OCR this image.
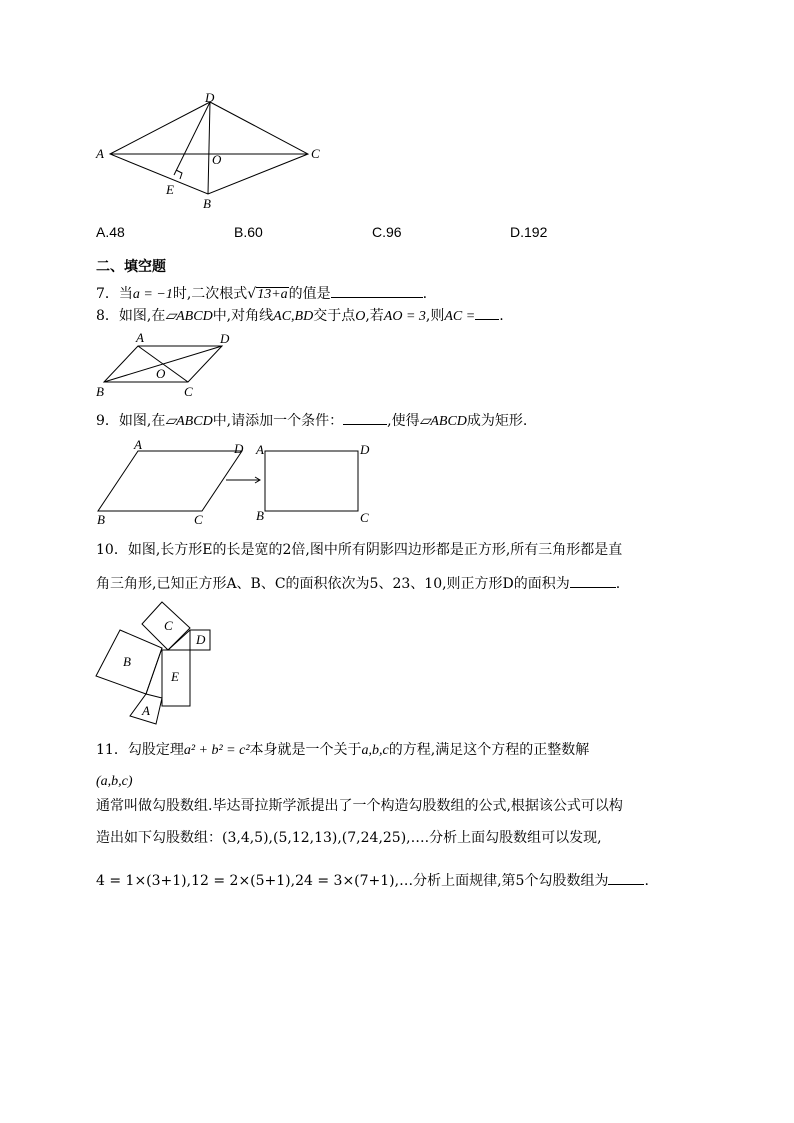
D
A	O	C
E
B
A.48	B.60	C.96	D.192
二、填空题
7．当a = −1时,二次根式√13+a的值是	.
8．如图,在▱ABCD中,对角线AC,BD交于点O,若AO = 3,则AC = .
A	D
O
B	C
9．如图,在▱ABCD中,请添加一个条件：	,使得▱ABCD成为矩形.
A	D
B	C
A	D
B	C
10．如图,长方形E的长是宽的2倍,图中所有阴影四边形都是正方形,所有三角形都是直
角三角形,已知正方形A、B、C的面积依次为5、23、10,则正方形D的面积为	.
B
C
D
E
A
11．勾股定理a² + b² = c²本身就是一个关于a,b,c的方程,满足这个方程的正整数解
(a,b,c)
通常叫做勾股数组.毕达哥拉斯学派提出了一个构造勾股数组的公式,根据该公式可以构
造出如下勾股数组：(3,4,5),(5,12,13),(7,24,25),….分析上面勾股数组可以发现,
4 = 1×(3+1),12 = 2×(5+1),24 = 3×(7+1),…分析上面规律,第5个勾股数组为	.
